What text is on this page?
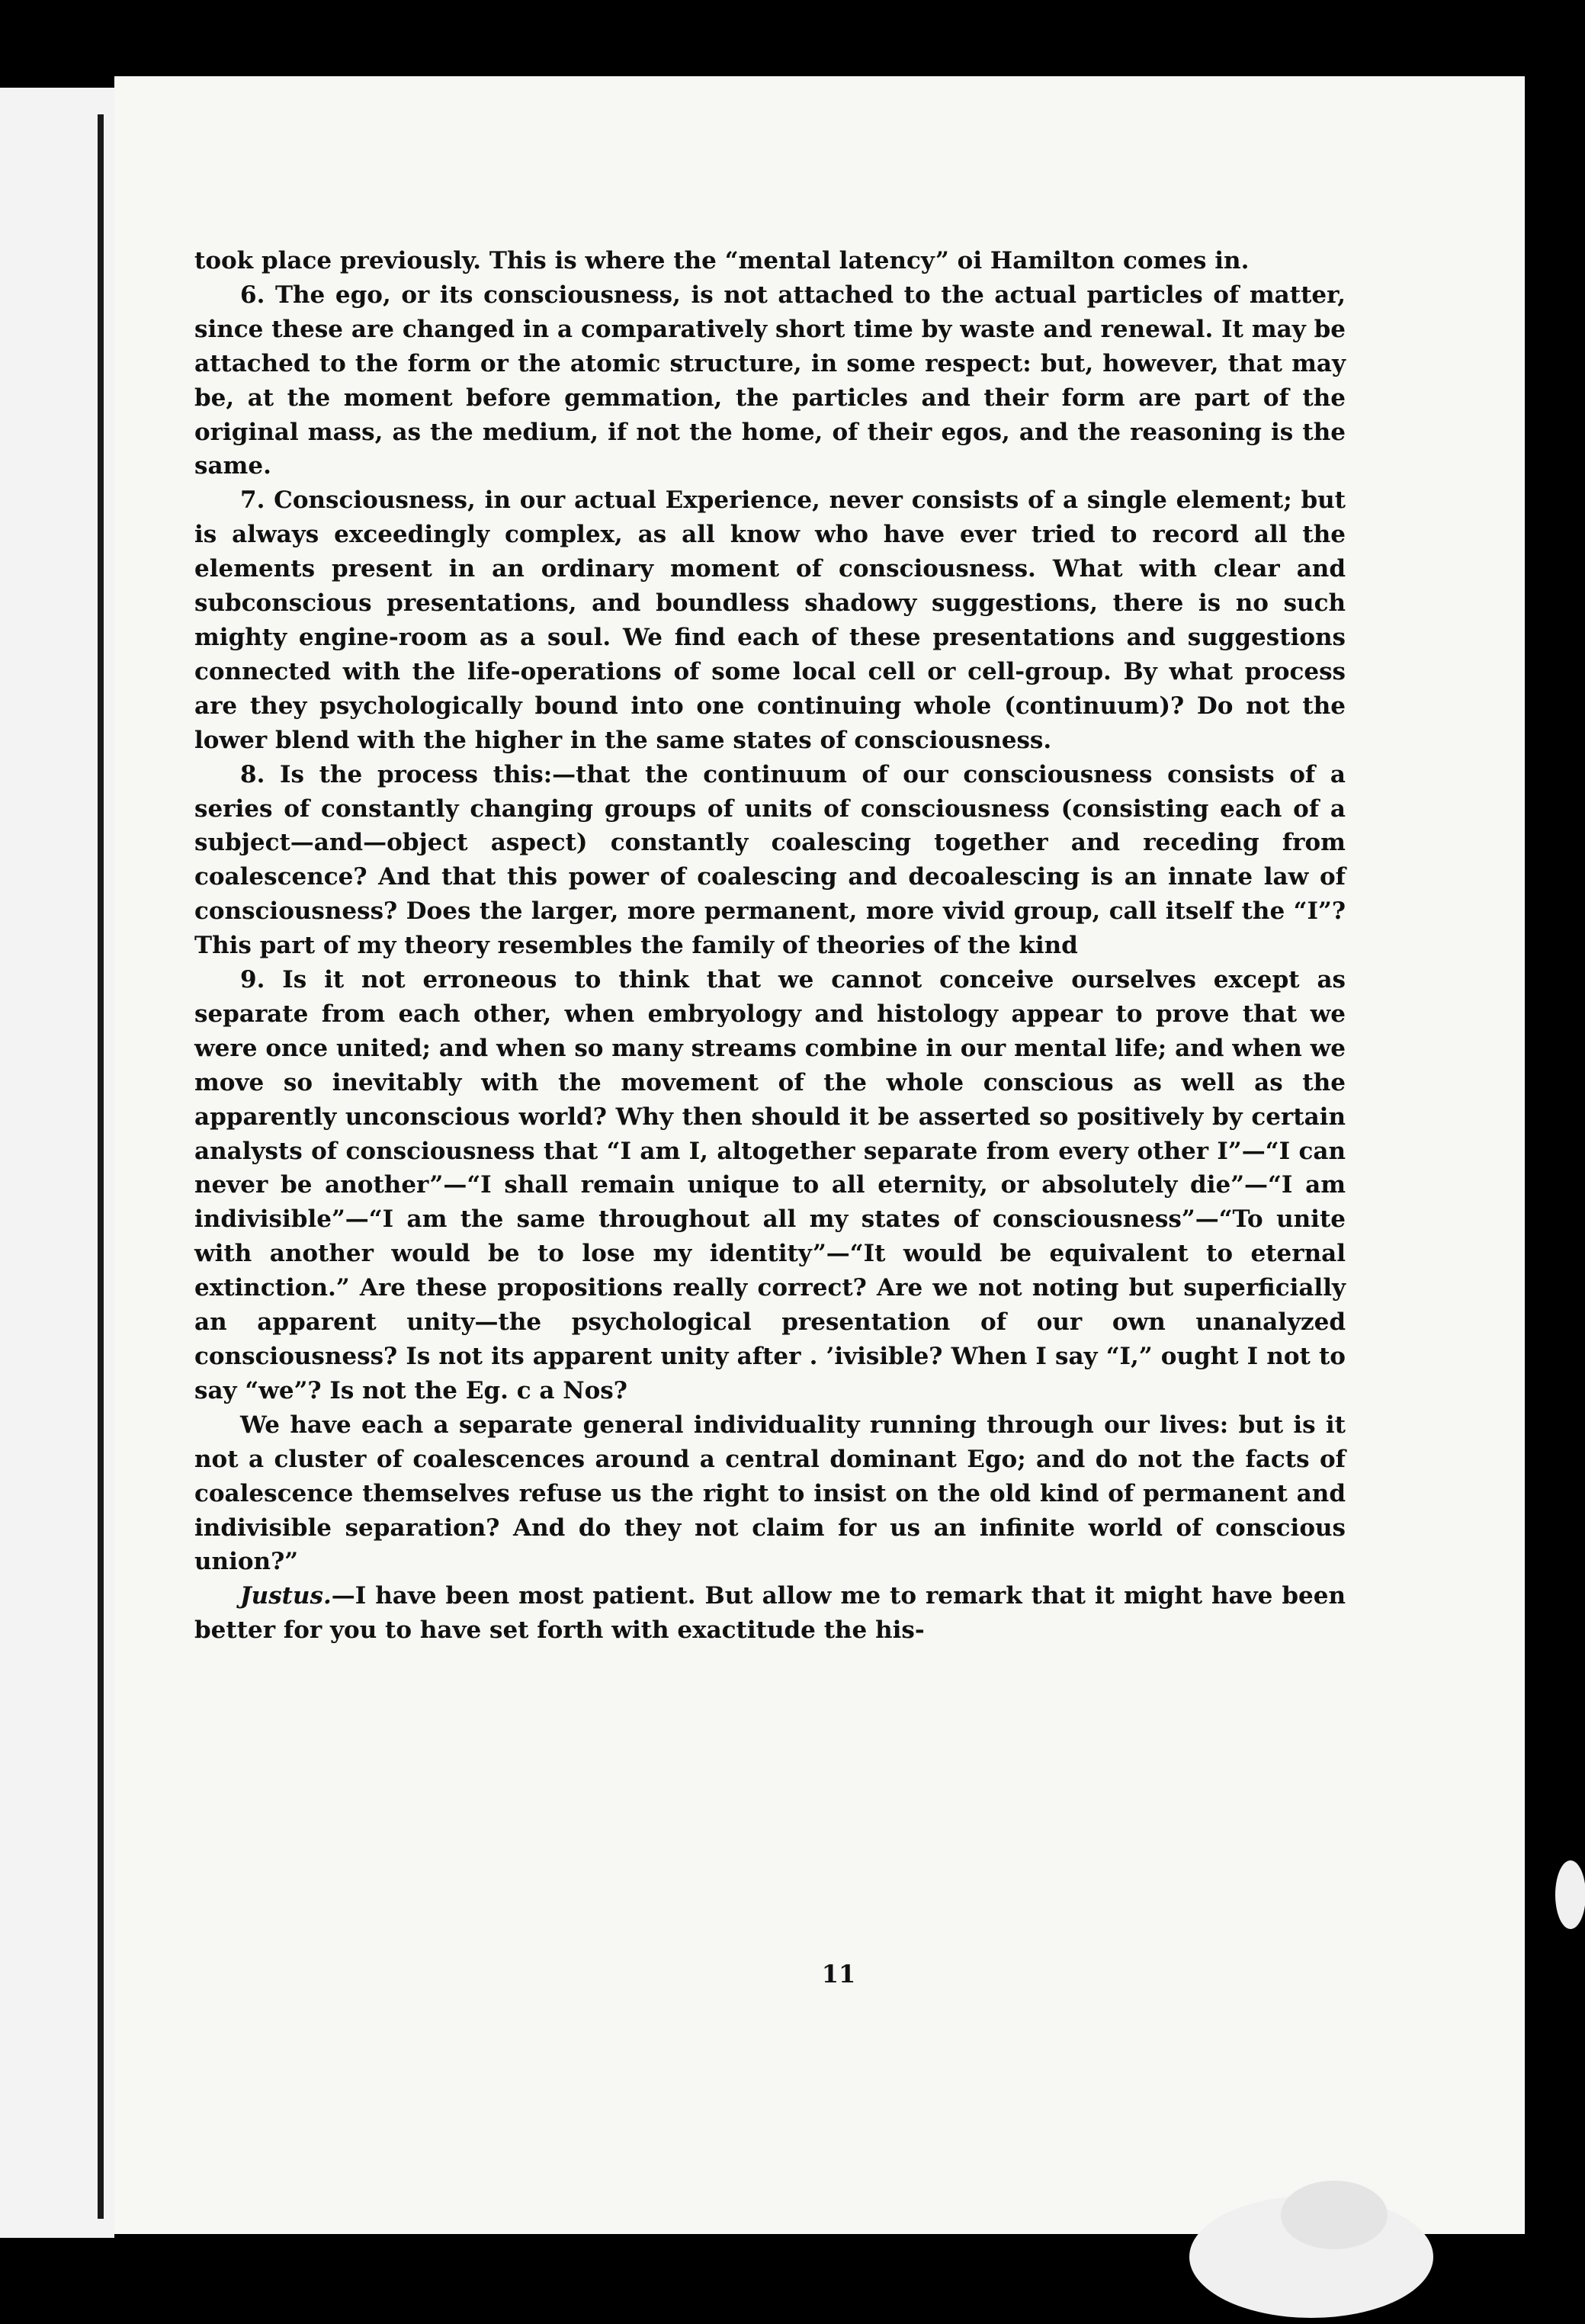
took place previously. This is where the “mental latency” oi Hamilton comes in.

6. The ego, or its consciousness, is not attached to the actual particles of matter, since these are changed in a comparatively short time by waste and renewal. It may be attached to the form or the atomic structure, in some respect: but, however, that may be, at the moment before gemmation, the particles and their form are part of the original mass, as the medium, if not the home, of their egos, and the reasoning is the same.

7. Consciousness, in our actual Experience, never consists of a single element; but is always exceedingly complex, as all know who have ever tried to record all the elements present in an ordinary moment of consciousness. What with clear and subconscious presentations, and boundless shadowy suggestions, there is no such mighty engine-room as a soul. We find each of these presentations and suggestions connected with the life-operations of some local cell or cell-group. By what process are they psychologically bound into one continuing whole (continuum)? Do not the lower blend with the higher in the same states of consciousness.

8. Is the process this:—that the continuum of our consciousness consists of a series of constantly changing groups of units of consciousness (consisting each of a subject—and—object aspect) constantly coalescing together and receding from coalescence? And that this power of coalescing and decoalescing is an innate law of consciousness? Does the larger, more permanent, more vivid group, call itself the “I”? This part of my theory resembles the family of theories of the kind

9. Is it not erroneous to think that we cannot conceive ourselves except as separate from each other, when embryology and histology appear to prove that we were once united; and when so many streams combine in our mental life; and when we move so inevitably with the movement of the whole conscious as well as the apparently unconscious world? Why then should it be asserted so positively by certain analysts of consciousness that “I am I, altogether separate from every other I”—“I can never be another”—“I shall remain unique to all eternity, or absolutely die”—“I am indivisible”—“I am the same throughout all my states of consciousness”—“To unite with another would be to lose my identity”—“It would be equivalent to eternal extinction.” Are these propositions really correct? Are we not noting but superficially an apparent unity—the psychological presentation of our own unanalyzed consciousness? Is not its apparent unity after . ’ivisible? When I say “I,” ought I not to say “we”? Is not the Eg. c a Nos?

We have each a separate general individuality running through our lives: but is it not a cluster of coalescences around a central dominant Ego; and do not the facts of coalescence themselves refuse us the right to insist on the old kind of permanent and indivisible separation? And do they not claim for us an infinite world of conscious union?”

Justus.—I have been most patient. But allow me to remark that it might have been better for you to have set forth with exactitude the his-

11
